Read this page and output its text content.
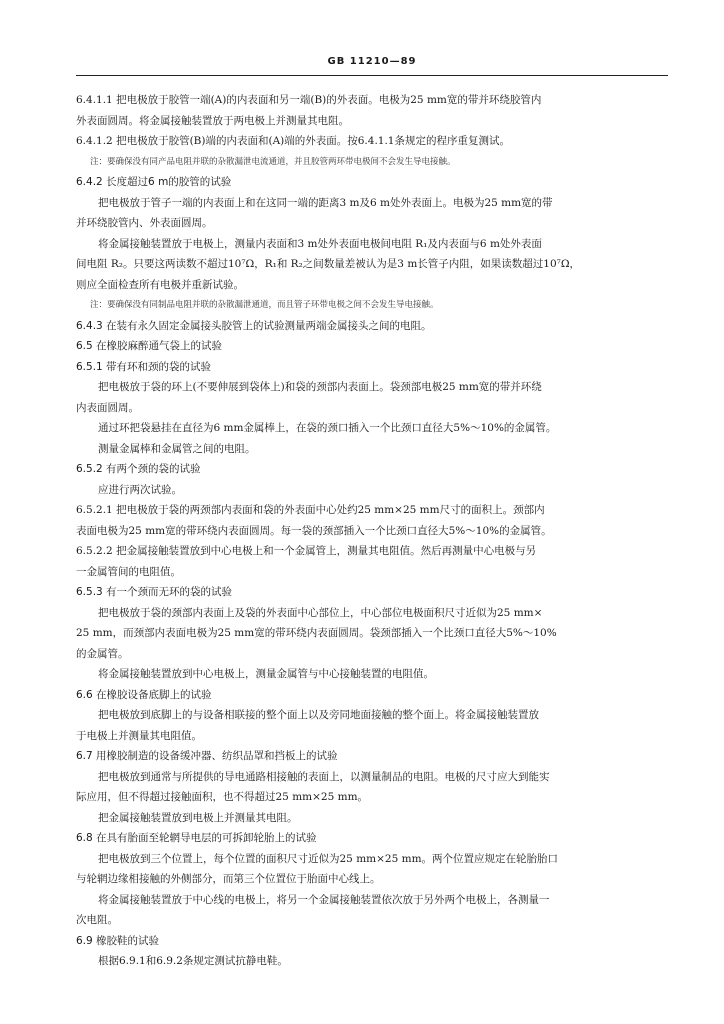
GB 11210—89
6.4.1.1 把电极放于胶管一端(A)的内表面和另一端(B)的外表面。电极为25 mm宽的带并环绕胶管内
外表面圆周。将金属接触装置放于两电极上并测量其电阻。
6.4.1.2 把电极放于胶管(B)端的内表面和(A)端的外表面。按6.4.1.1条规定的程序重复测试。
注：要确保没有同产品电阻并联的杂散漏泄电流通道，并且胶管两环带电极间不会发生导电接触。
6.4.2 长度超过6 m的胶管的试验
把电极放于管子一端的内表面上和在这同一端的距离3 m及6 m处外表面上。电极为25 mm宽的带
并环绕胶管内、外表面圆周。
将金属接触装置放于电极上，测量内表面和3 m处外表面电极间电阻 R₁及内表面与6 m处外表面
间电阻 R₂。只要这两读数不超过10⁷Ω，R₁和 R₂之间数量差被认为是3 m长管子内阻，如果读数超过10⁷Ω，
则应全面检查所有电极并重新试验。
注：要确保没有同制品电阻并联的杂散漏泄通道，而且管子环带电极之间不会发生导电接触。
6.4.3 在装有永久固定金属接头胶管上的试验测量两端金属接头之间的电阻。
6.5 在橡胶麻醉通气袋上的试验
6.5.1 带有环和颈的袋的试验
把电极放于袋的环上(不要伸展到袋体上)和袋的颈部内表面上。袋颈部电极25 mm宽的带并环绕
内表面圆周。
通过环把袋悬挂在直径为6 mm金属棒上，在袋的颈口插入一个比颈口直径大5%～10%的金属管。
测量金属棒和金属管之间的电阻。
6.5.2 有两个颈的袋的试验
应进行两次试验。
6.5.2.1 把电极放于袋的两颈部内表面和袋的外表面中心处约25 mm×25 mm尺寸的面积上。颈部内
表面电极为25 mm宽的带环绕内表面圆周。每一袋的颈部插入一个比颈口直径大5%～10%的金属管。
6.5.2.2 把金属接触装置放到中心电极上和一个金属管上，测量其电阻值。然后再测量中心电极与另
一金属管间的电阻值。
6.5.3 有一个颈而无环的袋的试验
把电极放于袋的颈部内表面上及袋的外表面中心部位上，中心部位电极面积尺寸近似为25 mm×
25 mm，而颈部内表面电极为25 mm宽的带环绕内表面圆周。袋颈部插入一个比颈口直径大5%～10%
的金属管。
将金属接触装置放到中心电极上，测量金属管与中心接触装置的电阻值。
6.6 在橡胶设备底脚上的试验
把电极放到底脚上的与设备相联接的整个面上以及旁同地面接触的整个面上。将金属接触装置放
于电极上并测量其电阻值。
6.7 用橡胶制造的设备缓冲器、纺织品罩和挡板上的试验
把电极放到通常与所提供的导电通路相接触的表面上，以测量制品的电阻。电极的尺寸应大到能实
际应用，但不得超过接触面积，也不得超过25 mm×25 mm。
把金属接触装置放到电极上并测量其电阻。
6.8 在具有胎面至轮辋导电层的可拆卸轮胎上的试验
把电极放到三个位置上，每个位置的面积尺寸近似为25 mm×25 mm。两个位置应规定在轮胎胎口
与轮辋边缘相接触的外侧部分，而第三个位置位于胎面中心线上。
将金属接触装置放于中心线的电极上，将另一个金属接触装置依次放于另外两个电极上，各测量一
次电阻。
6.9 橡胶鞋的试验
根据6.9.1和6.9.2条规定测试抗静电鞋。
